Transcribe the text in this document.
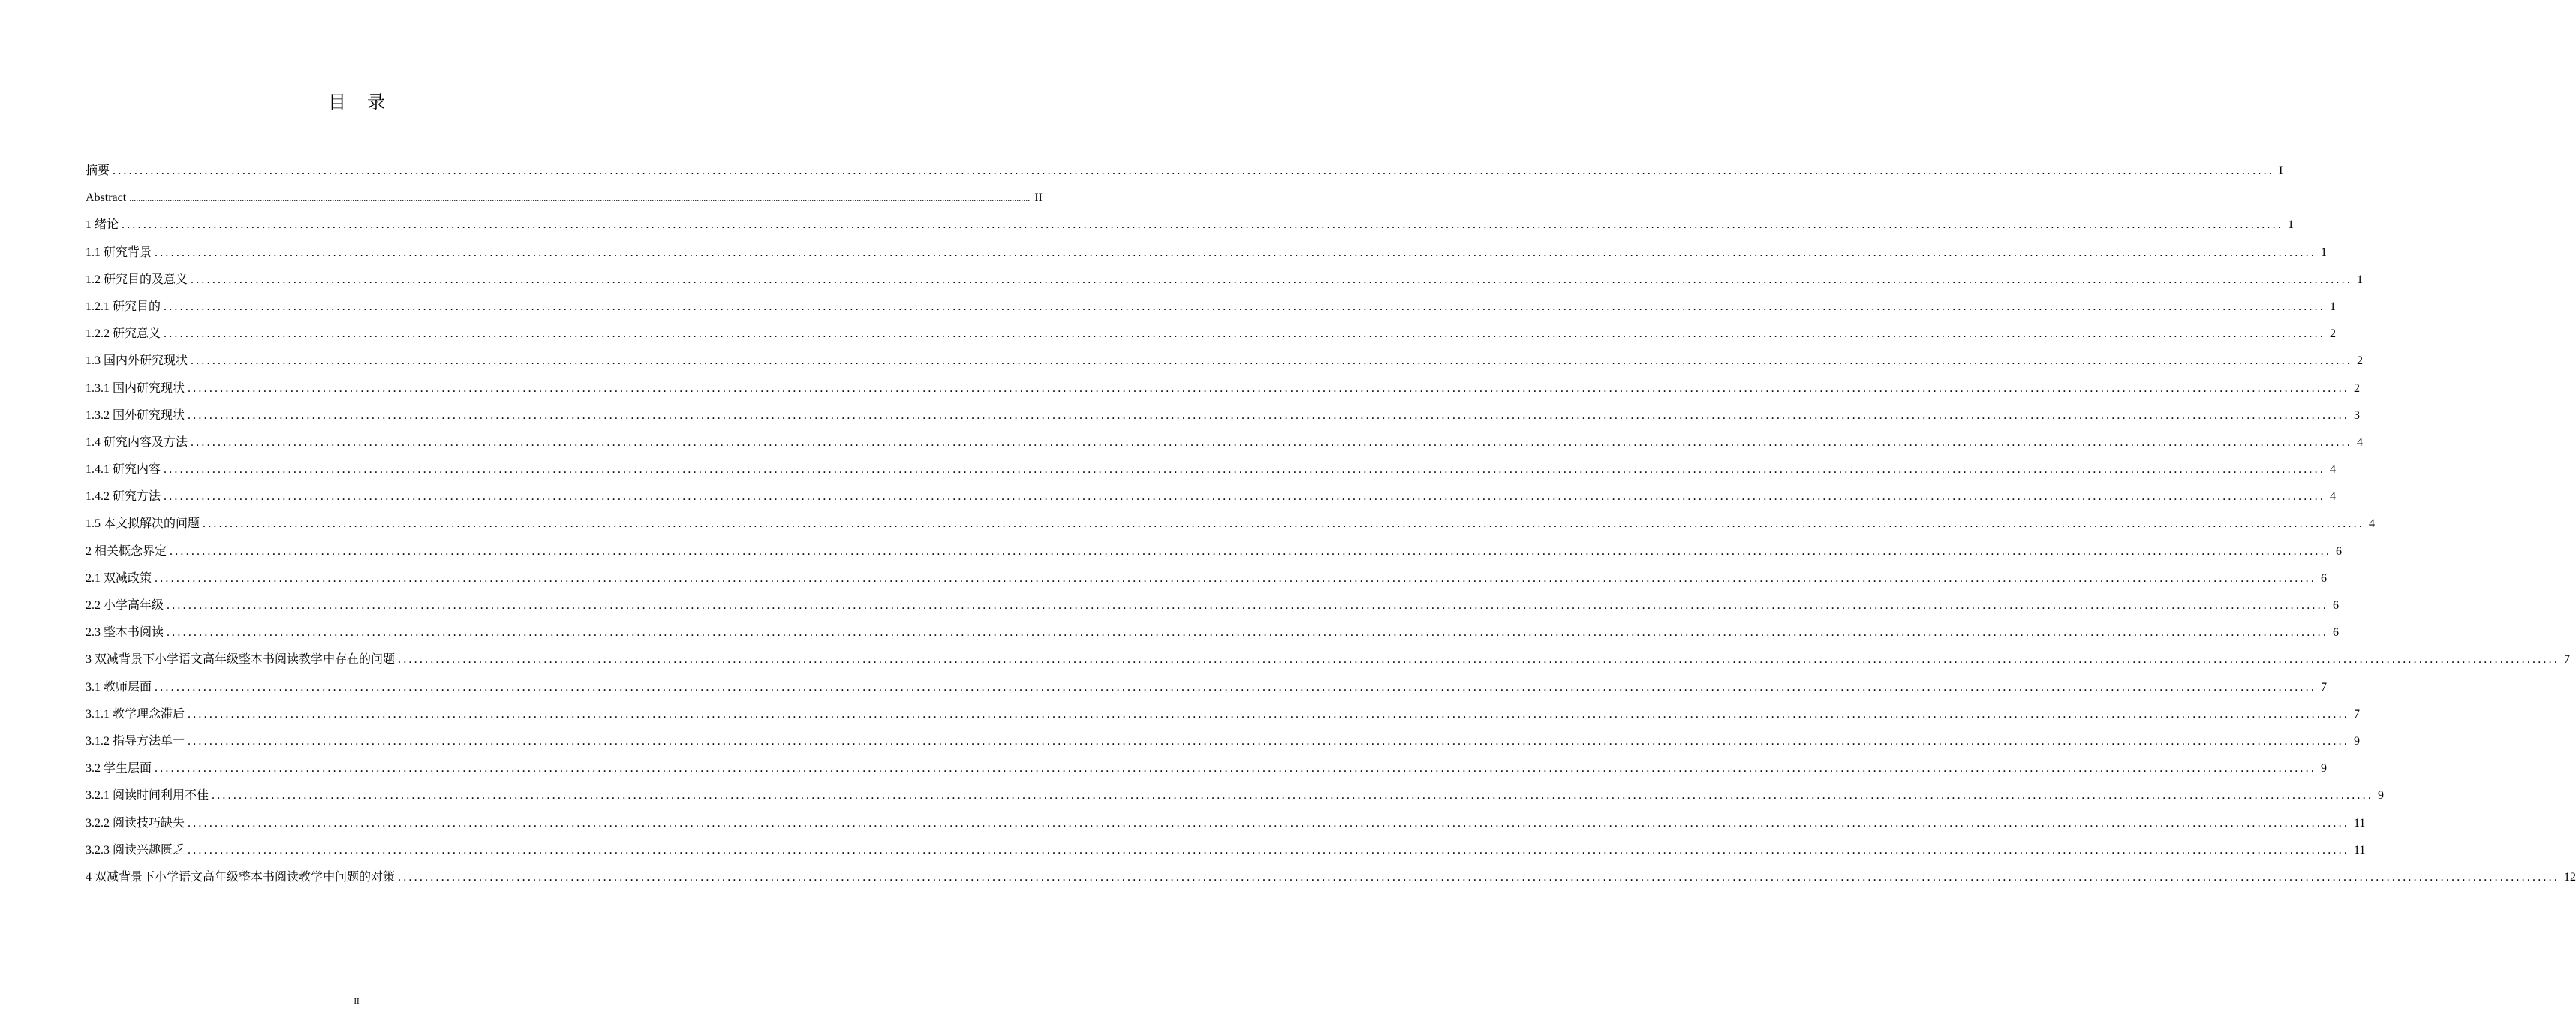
目录
摘要 ................................................................................................................................................................................................................................................................................................................................................................................................................ I
Abstract ................................................................................................................................................................................................................................................................................................................................................................................................................ II
1 绪论 ................................................................................................................................................................................................................................................................................................................................................................................................................ 1
1.1 研究背景 ................................................................................................................................................................................................................................................................................................................................................................................................................ 1
1.2 研究目的及意义 ................................................................................................................................................................................................................................................................................................................................................................................................................ 1
1.2.1 研究目的 ................................................................................................................................................................................................................................................................................................................................................................................................................ 1
1.2.2 研究意义 ................................................................................................................................................................................................................................................................................................................................................................................................................ 2
1.3 国内外研究现状 ................................................................................................................................................................................................................................................................................................................................................................................................................ 2
1.3.1 国内研究现状 ................................................................................................................................................................................................................................................................................................................................................................................................................ 2
1.3.2 国外研究现状 ................................................................................................................................................................................................................................................................................................................................................................................................................ 3
1.4 研究内容及方法 ................................................................................................................................................................................................................................................................................................................................................................................................................ 4
1.4.1 研究内容 ................................................................................................................................................................................................................................................................................................................................................................................................................ 4
1.4.2 研究方法 ................................................................................................................................................................................................................................................................................................................................................................................................................ 4
1.5 本文拟解决的问题 ................................................................................................................................................................................................................................................................................................................................................................................................................ 4
2 相关概念界定 ................................................................................................................................................................................................................................................................................................................................................................................................................ 6
2.1 双减政策 ................................................................................................................................................................................................................................................................................................................................................................................................................ 6
2.2 小学高年级 ................................................................................................................................................................................................................................................................................................................................................................................................................ 6
2.3 整本书阅读 ................................................................................................................................................................................................................................................................................................................................................................................................................ 6
3 双减背景下小学语文高年级整本书阅读教学中存在的问题 ................................................................................................................................................................................................................................................................................................................................................................................................................ 7
3.1 教师层面 ................................................................................................................................................................................................................................................................................................................................................................................................................ 7
3.1.1 教学理念滞后 ................................................................................................................................................................................................................................................................................................................................................................................................................ 7
3.1.2 指导方法单一 ................................................................................................................................................................................................................................................................................................................................................................................................................ 9
3.2 学生层面 ................................................................................................................................................................................................................................................................................................................................................................................................................ 9
3.2.1 阅读时间利用不佳 ................................................................................................................................................................................................................................................................................................................................................................................................................ 9
3.2.2 阅读技巧缺失 ................................................................................................................................................................................................................................................................................................................................................................................................................ 11
3.2.3 阅读兴趣匮乏 ................................................................................................................................................................................................................................................................................................................................................................................................................ 11
4 双减背景下小学语文高年级整本书阅读教学中问题的对策 ................................................................................................................................................................................................................................................................................................................................................................................................................ 12
II
